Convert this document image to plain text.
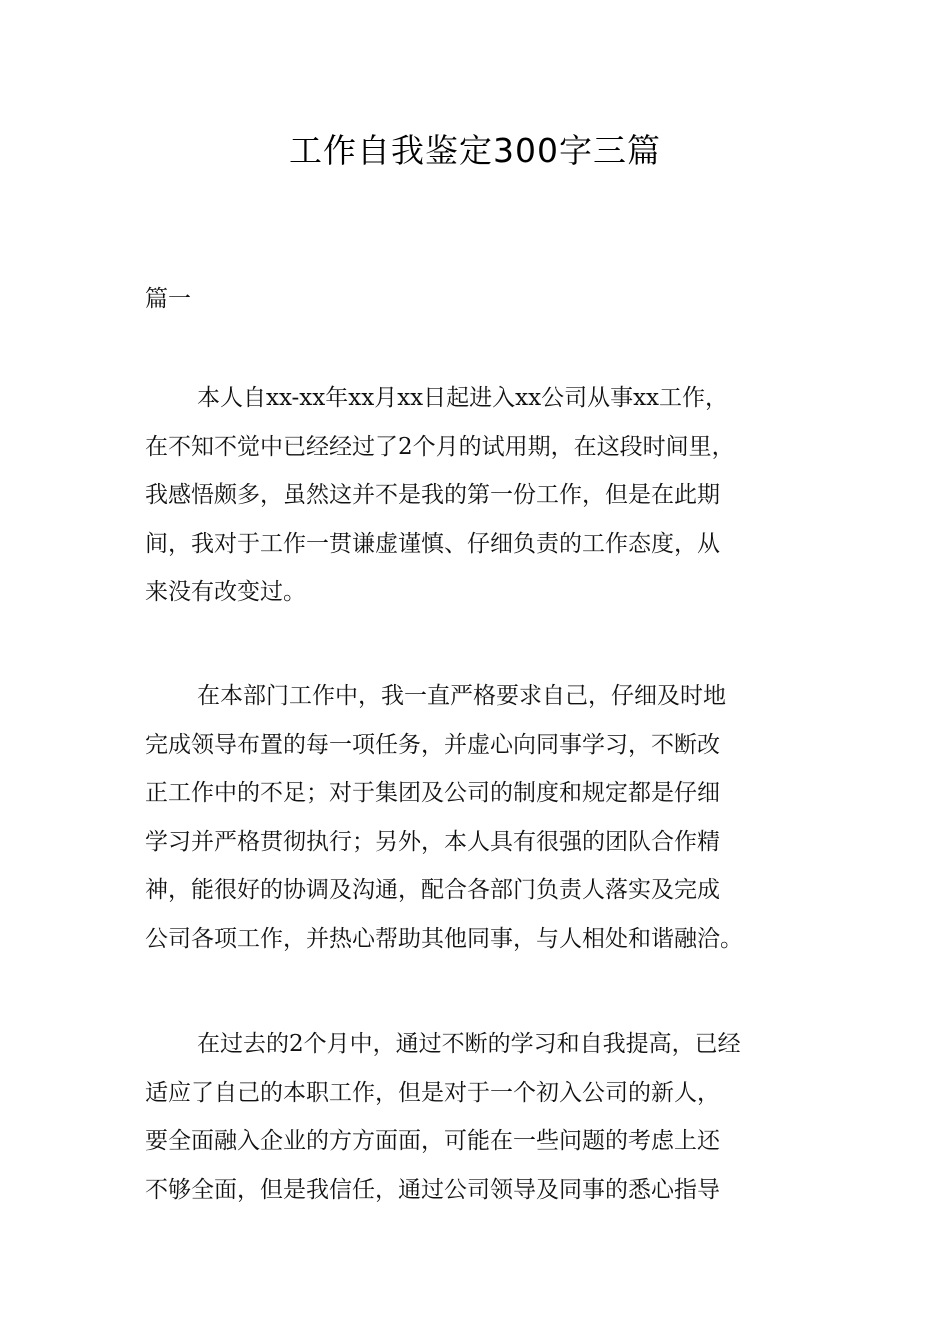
工作自我鉴定300字三篇
篇一
本人自xx-xx年xx月xx日起进入xx公司从事xx工作，
在不知不觉中已经经过了2个月的试用期，在这段时间里，
我感悟颇多，虽然这并不是我的第一份工作，但是在此期
间，我对于工作一贯谦虚谨慎、仔细负责的工作态度，从
来没有改变过。
在本部门工作中，我一直严格要求自己，仔细及时地
完成领导布置的每一项任务，并虚心向同事学习，不断改
正工作中的不足；对于集团及公司的制度和规定都是仔细
学习并严格贯彻执行；另外，本人具有很强的团队合作精
神，能很好的协调及沟通，配合各部门负责人落实及完成
公司各项工作，并热心帮助其他同事，与人相处和谐融洽。
在过去的2个月中，通过不断的学习和自我提高，已经
适应了自己的本职工作，但是对于一个初入公司的新人，
要全面融入企业的方方面面，可能在一些问题的考虑上还
不够全面，但是我信任，通过公司领导及同事的悉心指导
